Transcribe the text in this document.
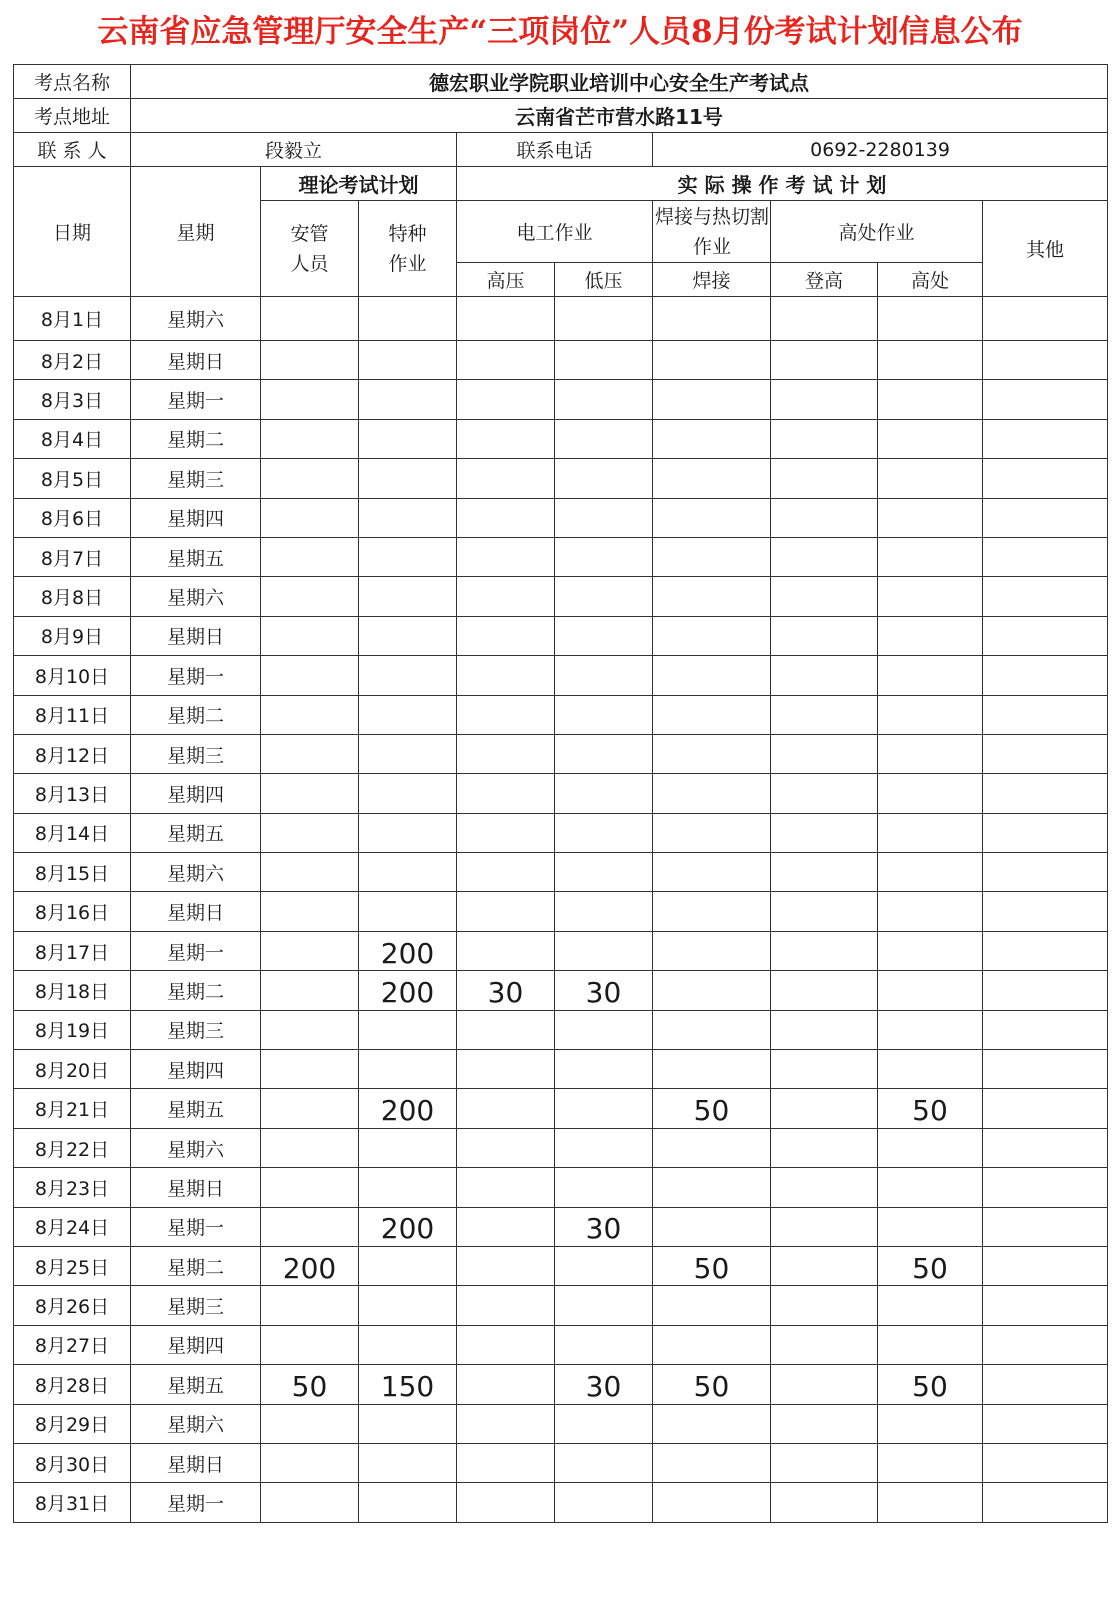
云南省应急管理厅安全生产“三项岗位”人员8月份考试计划信息公布
考点名称	德宏职业学院职业培训中心安全生产考试点								
考点地址	云南省芒市营水路11号								
联 系 人	段毅立			联系电话		0692-2280139			
日期	星期	理论考试计划		实 际 操 作 考 试 计 划					

		安管人员	特种作业	电工作业		焊接与热切割作业	高处作业		其他
				高压	低压	焊接	登高	高处	
8月1日	星期六								
8月2日	星期日								
8月3日	星期一								
8月4日	星期二								
8月5日	星期三								
8月6日	星期四								
8月7日	星期五								
8月8日	星期六								
8月9日	星期日								
8月10日	星期一								
8月11日	星期二								
8月12日	星期三								
8月13日	星期四								
8月14日	星期五								
8月15日	星期六								
8月16日	星期日								
8月17日	星期一		200						
8月18日	星期二		200	30	30				
8月19日	星期三								
8月20日	星期四								
8月21日	星期五		200			50		50	
8月22日	星期六								
8月23日	星期日								
8月24日	星期一		200		30				
8月25日	星期二	200				50		50	
8月26日	星期三								
8月27日	星期四								
8月28日	星期五	50	150		30	50		50	
8月29日	星期六								
8月30日	星期日								
8月31日	星期一								
